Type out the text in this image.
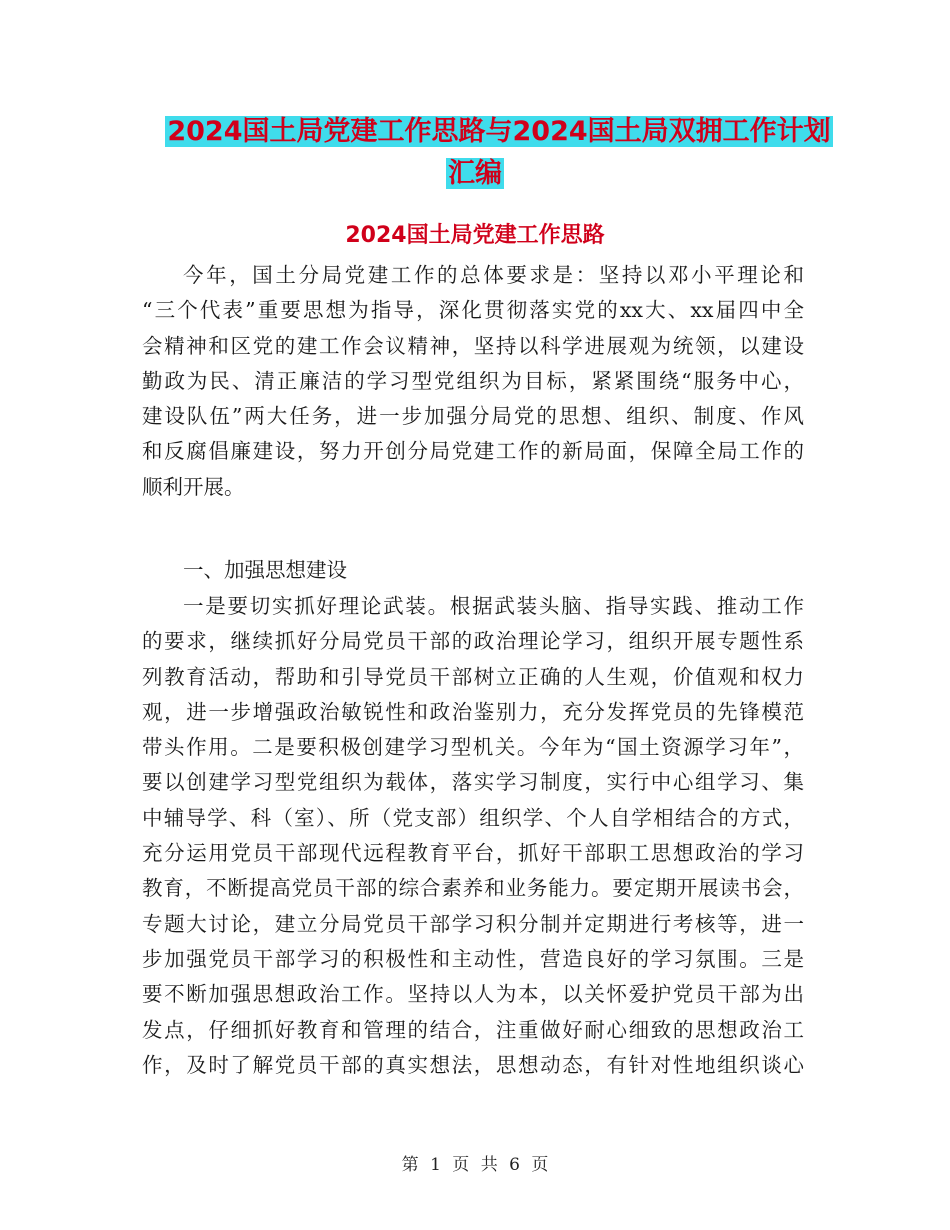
2024国土局党建工作思路与2024国土局双拥工作计划
汇编
2024国土局党建工作思路
今年，国土分局党建工作的总体要求是：坚持以邓小平理论和
“三个代表”重要思想为指导，深化贯彻落实党的xx大、xx届四中全
会精神和区党的建工作会议精神，坚持以科学进展观为统领，以建设
勤政为民、清正廉洁的学习型党组织为目标，紧紧围绕“服务中心，
建设队伍”两大任务，进一步加强分局党的思想、组织、制度、作风
和反腐倡廉建设，努力开创分局党建工作的新局面，保障全局工作的
顺利开展。
一、加强思想建设
一是要切实抓好理论武装。根据武装头脑、指导实践、推动工作
的要求，继续抓好分局党员干部的政治理论学习，组织开展专题性系
列教育活动，帮助和引导党员干部树立正确的人生观，价值观和权力
观，进一步增强政治敏锐性和政治鉴别力，充分发挥党员的先锋模范
带头作用。二是要积极创建学习型机关。今年为“国土资源学习年”，
要以创建学习型党组织为载体，落实学习制度，实行中心组学习、集
中辅导学、科（室）、所（党支部）组织学、个人自学相结合的方式，
充分运用党员干部现代远程教育平台，抓好干部职工思想政治的学习
教育，不断提高党员干部的综合素养和业务能力。要定期开展读书会，
专题大讨论，建立分局党员干部学习积分制并定期进行考核等，进一
步加强党员干部学习的积极性和主动性，营造良好的学习氛围。三是
要不断加强思想政治工作。坚持以人为本，以关怀爱护党员干部为出
发点，仔细抓好教育和管理的结合，注重做好耐心细致的思想政治工
作，及时了解党员干部的真实想法，思想动态，有针对性地组织谈心
第 1 页 共 6 页
